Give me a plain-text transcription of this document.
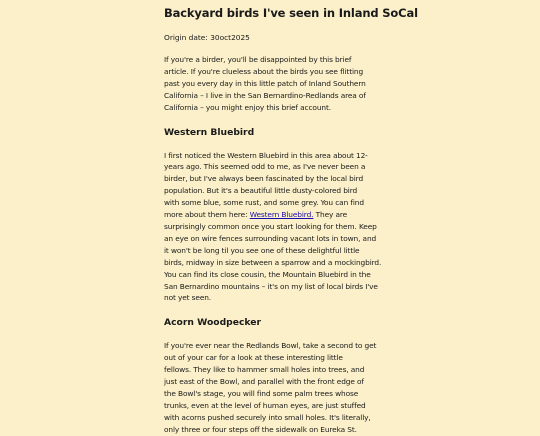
Backyard birds I've seen in Inland SoCal
Origin date: 30oct2025

If you're a birder, you'll be disappointed by this brief
article. If you're clueless about the birds you see flitting
past you every day in this little patch of Inland Southern
California – I live in the San Bernardino-Redlands area of
California – you might enjoy this brief account.

Western Bluebird

I first noticed the Western Bluebird in this area about 12-
years ago. This seemed odd to me, as I've never been a
birder, but I've always been fascinated by the local bird
population. But it's a beautiful little dusty-colored bird
with some blue, some rust, and some grey. You can find
more about them here: Western Bluebird. They are
surprisingly common once you start looking for them. Keep
an eye on wire fences surrounding vacant lots in town, and
it won't be long til you see one of these delightful little
birds, midway in size between a sparrow and a mockingbird.
You can find its close cousin, the Mountain Bluebird in the
San Bernardino mountains – it's on my list of local birds I've
not yet seen.

Acorn Woodpecker

If you're ever near the Redlands Bowl, take a second to get
out of your car for a look at these interesting little
fellows. They like to hammer small holes into trees, and
just east of the Bowl, and parallel with the front edge of
the Bowl's stage, you will find some palm trees whose
trunks, even at the level of human eyes, are just stuffed
with acorns pushed securely into small holes. It's literally,
only three or four steps off the sidewalk on Eureka St.
